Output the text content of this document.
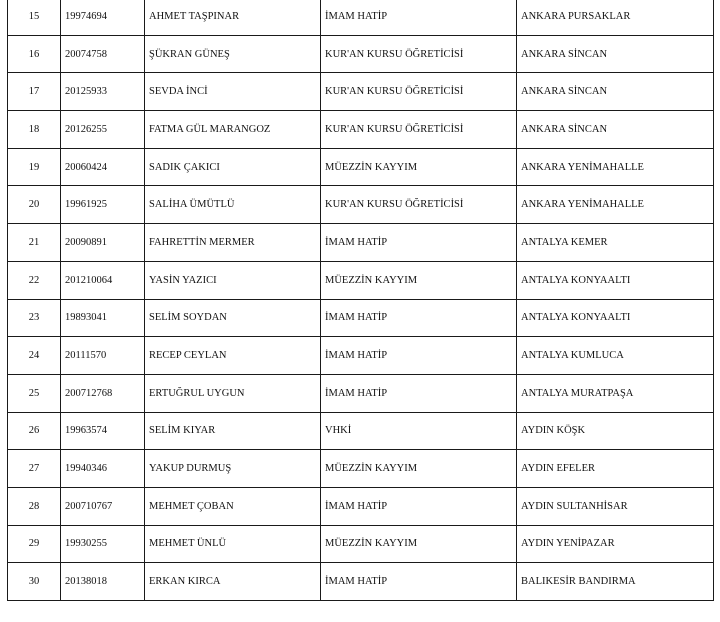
15	19974694	AHMET TAŞPINAR	İMAM HATİP	ANKARA PURSAKLAR
16	20074758	ŞÜKRAN GÜNEŞ	KUR'AN KURSU ÖĞRETİCİSİ	ANKARA SİNCAN
17	20125933	SEVDA İNCİ	KUR'AN KURSU ÖĞRETİCİSİ	ANKARA SİNCAN
18	20126255	FATMA GÜL MARANGOZ	KUR'AN KURSU ÖĞRETİCİSİ	ANKARA SİNCAN
19	20060424	SADIK ÇAKICI	MÜEZZİN KAYYIM	ANKARA YENİMAHALLE
20	19961925	SALİHA ÜMÜTLÜ	KUR'AN KURSU ÖĞRETİCİSİ	ANKARA YENİMAHALLE
21	20090891	FAHRETTİN MERMER	İMAM HATİP	ANTALYA KEMER
22	201210064	YASİN YAZICI	MÜEZZİN KAYYIM	ANTALYA KONYAALTI
23	19893041	SELİM SOYDAN	İMAM HATİP	ANTALYA KONYAALTI
24	20111570	RECEP CEYLAN	İMAM HATİP	ANTALYA KUMLUCA
25	200712768	ERTUĞRUL UYGUN	İMAM HATİP	ANTALYA MURATPAŞA
26	19963574	SELİM KIYAR	VHKİ	AYDIN KÖŞK
27	19940346	YAKUP DURMUŞ	MÜEZZİN KAYYIM	AYDIN EFELER
28	200710767	MEHMET ÇOBAN	İMAM HATİP	AYDIN SULTANHİSAR
29	19930255	MEHMET ÜNLÜ	MÜEZZİN KAYYIM	AYDIN YENİPAZAR
30	20138018	ERKAN KIRCA	İMAM HATİP	BALIKESİR BANDIRMA
